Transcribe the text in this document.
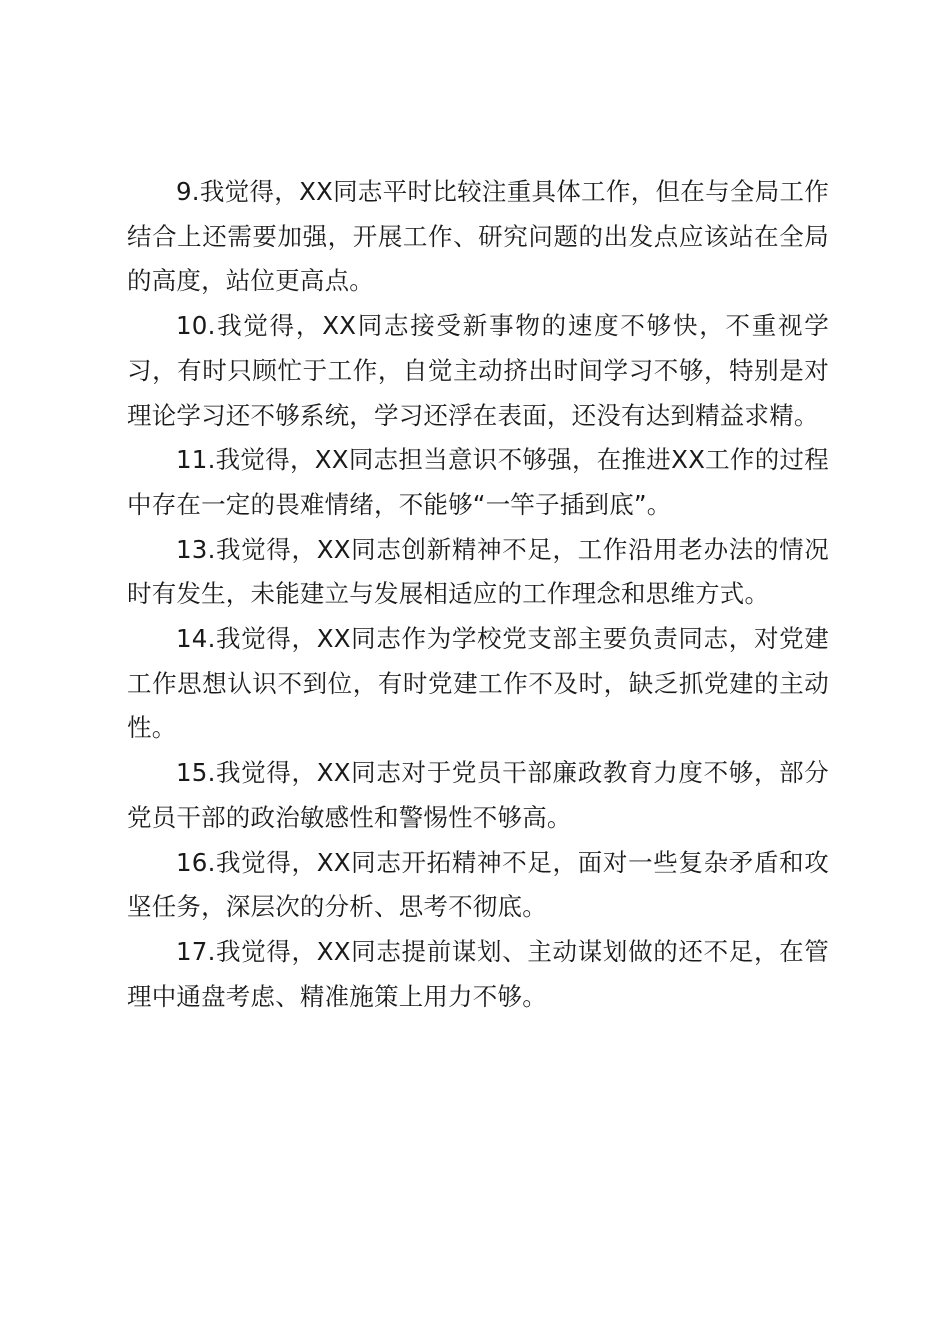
9.我觉得，XX同志平时比较注重具体工作，但在与全局工作结合上还需要加强，开展工作、研究问题的出发点应该站在全局的高度，站位更高点。

10.我觉得，XX同志接受新事物的速度不够快，不重视学习，有时只顾忙于工作，自觉主动挤出时间学习不够，特别是对理论学习还不够系统，学习还浮在表面，还没有达到精益求精。

11.我觉得，XX同志担当意识不够强，在推进XX工作的过程中存在一定的畏难情绪，不能够“一竿子插到底”。

13.我觉得，XX同志创新精神不足，工作沿用老办法的情况时有发生，未能建立与发展相适应的工作理念和思维方式。

14.我觉得，XX同志作为学校党支部主要负责同志，对党建工作思想认识不到位，有时党建工作不及时，缺乏抓党建的主动性。

15.我觉得，XX同志对于党员干部廉政教育力度不够，部分党员干部的政治敏感性和警惕性不够高。

16.我觉得，XX同志开拓精神不足，面对一些复杂矛盾和攻坚任务，深层次的分析、思考不彻底。

17.我觉得，XX同志提前谋划、主动谋划做的还不足，在管理中通盘考虑、精准施策上用力不够。
